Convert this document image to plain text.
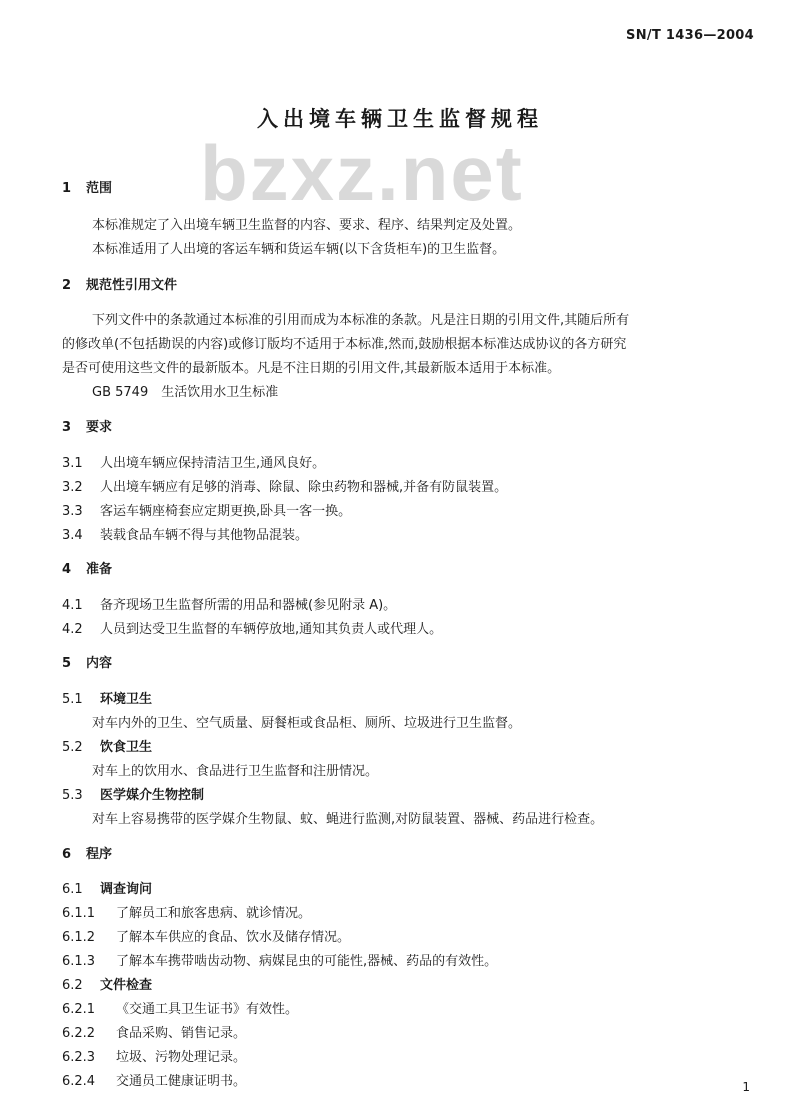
SN/T 1436—2004
bzxz.net
入出境车辆卫生监督规程
1 范围
本标准规定了入出境车辆卫生监督的内容、要求、程序、结果判定及处置。
本标准适用了人出境的客运车辆和货运车辆(以下含货柜车)的卫生监督。
2 规范性引用文件
下列文件中的条款通过本标准的引用而成为本标准的条款。凡是注日期的引用文件,其随后所有
的修改单(不包括勘误的内容)或修订版均不适用于本标准,然而,鼓励根据本标准达成协议的各方研究
是否可使用这些文件的最新版本。凡是不注日期的引用文件,其最新版本适用于本标准。
GB 5749　生活饮用水卫生标准
3 要求
3.1 人出境车辆应保持清洁卫生,通风良好。
3.2 人出境车辆应有足够的消毒、除鼠、除虫药物和器械,并备有防鼠装置。
3.3 客运车辆座椅套应定期更换,卧具一客一换。
3.4 装载食品车辆不得与其他物品混装。
4 准备
4.1 备齐现场卫生监督所需的用品和器械(参见附录 A)。
4.2 人员到达受卫生监督的车辆停放地,通知其负责人或代理人。
5 内容
5.1 环境卫生
对车内外的卫生、空气质量、厨餐柜或食品柜、厕所、垃圾进行卫生监督。
5.2 饮食卫生
对车上的饮用水、食品进行卫生监督和注册情况。
5.3 医学媒介生物控制
对车上容易携带的医学媒介生物鼠、蚊、蝇进行监测,对防鼠装置、器械、药品进行检查。
6 程序
6.1 调查询问
6.1.1 了解员工和旅客患病、就诊情况。
6.1.2 了解本车供应的食品、饮水及储存情况。
6.1.3 了解本车携带啮齿动物、病媒昆虫的可能性,器械、药品的有效性。
6.2 文件检查
6.2.1 《交通工具卫生证书》有效性。
6.2.2 食品采购、销售记录。
6.2.3 垃圾、污物处理记录。
6.2.4 交通员工健康证明书。	1
